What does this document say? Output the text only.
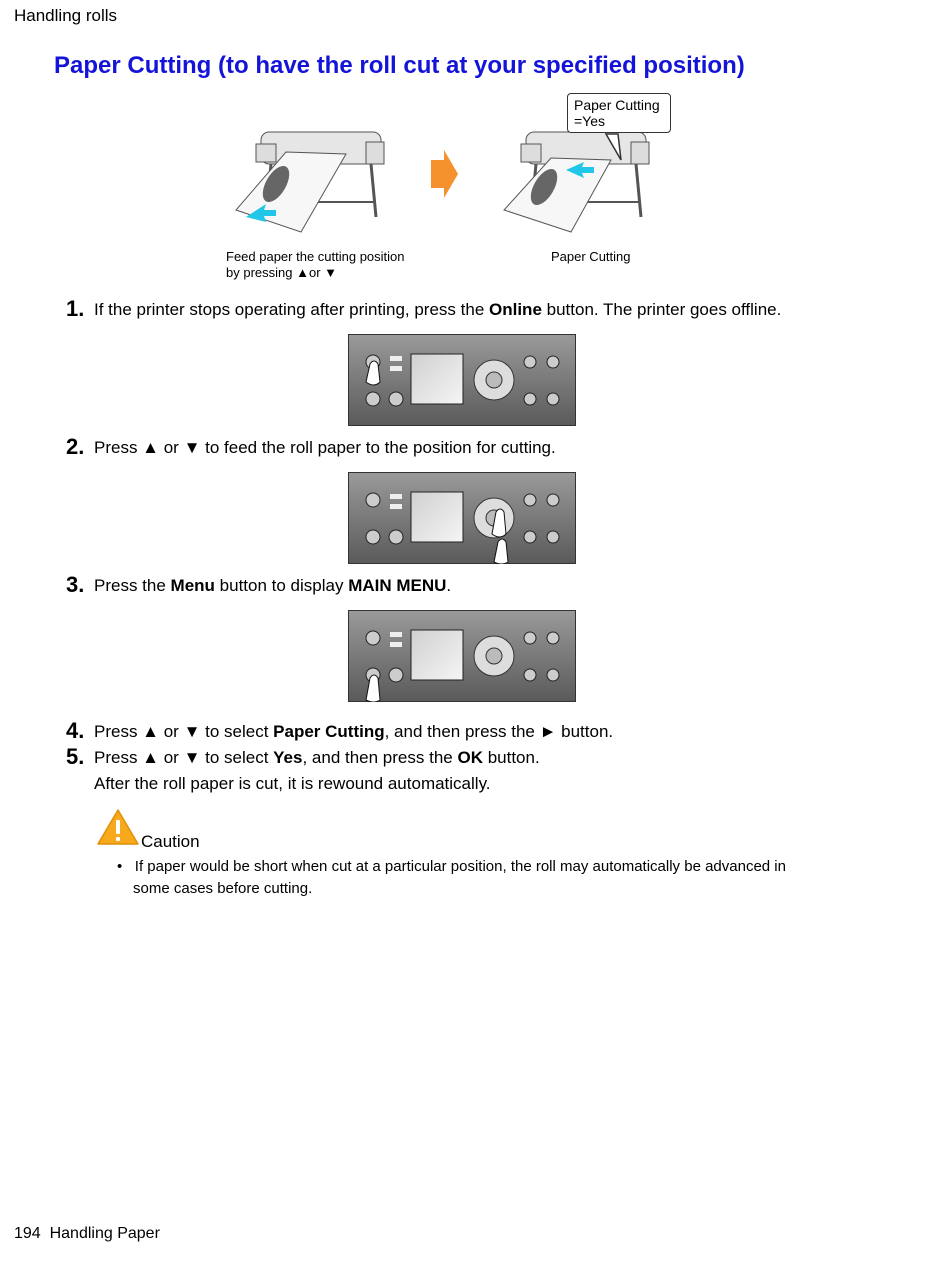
Handling rolls
Paper Cutting (to have the roll cut at your specified position)
Paper Cutting
=Yes
Feed paper the cutting position
by pressing ▲or ▼
Paper Cutting
1. If the printer stops operating after printing, press the Online button. The printer goes offline.
2. Press ▲ or ▼ to feed the roll paper to the position for cutting.
3. Press the Menu button to display MAIN MENU.
4. Press ▲ or ▼ to select Paper Cutting, and then press the ► button.
5. Press ▲ or ▼ to select Yes, and then press the OK button.
After the roll paper is cut, it is rewound automatically.
Caution
• If paper would be short when cut at a particular position, the roll may automatically be advanced in
some cases before cutting.
194 Handling Paper
